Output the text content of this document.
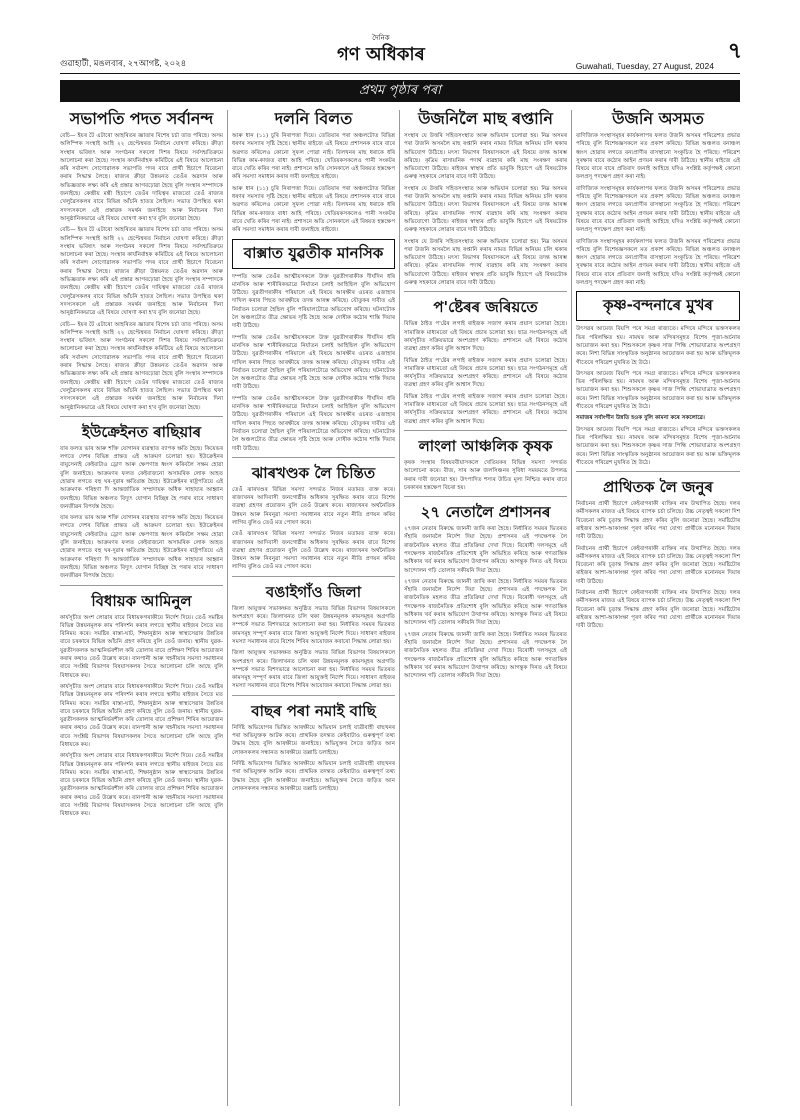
গুৱাহাটী, মঙলবাৰ, ২৭আগষ্ট, ২০২৪
দৈনিক
গণ অধিকাৰ
Guwahati, Tuesday, 27 August, 2024
৭
প্ৰথম পৃষ্ঠাৰ পৰা
সভাপতি পদত সৰ্বানন্দ
বেচি— ইয়ৰ টৈ এটাৰো আহৰিতৰ জ্ঞাতাৰ বিশেষ চৰ্চা তাত পৰিছে। অসম অলিম্পিক সংস্থাই আহি ২২ ছেপ্টেম্বৰত নিৰ্বাচন ঘোষণা কৰিছে। ক্ৰীড়া সংস্থাৰ ভবিষ্যৎ আৰু সংগঠনৰ সকলো দিশৰ বিষয়ে সৰ্বসন্মতিক্ৰমে আলোচনা কৰা হৈছে। সংস্থাৰ কাৰ্যনিৰ্বাহক কমিটিয়ে এই বিষয়ে আলোচনা কৰি সৰ্বানন্দ সোণোৱালক সভাপতি পদৰ বাবে প্ৰাৰ্থী হিচাপে বিবেচনা কৰাৰ সিদ্ধান্ত লৈছে। ৰাজ্যৰ ক্ৰীড়া উন্নয়নত তেওঁৰ অৱদান আৰু অভিজ্ঞতাক লক্ষ্য কৰি এই প্ৰস্তাৱ আগবঢ়োৱা হৈছে বুলি সংস্থাৰ সম্পাদকে জনাইছে। কেন্দ্ৰীয় মন্ত্ৰী হিচাপে তেওঁৰ দায়িত্বৰ মাজতো তেওঁ ৰাজ্যৰ খেলুৱৈসকলৰ বাবে বিভিন্ন আঁচনি হাতত লৈছিল। সভাত উপস্থিত থকা সদস্যসকলে এই প্ৰস্তাৱক সমৰ্থন জনাইছে আৰু নিৰ্বাচনৰ দিনা আনুষ্ঠানিকভাৱে এই বিষয়ে ঘোষণা কৰা হ'ব বুলি জনোৱা হৈছে।
বেচি— ইয়ৰ টৈ এটাৰো আহৰিতৰ জ্ঞাতাৰ বিশেষ চৰ্চা তাত পৰিছে। অসম অলিম্পিক সংস্থাই আহি ২২ ছেপ্টেম্বৰত নিৰ্বাচন ঘোষণা কৰিছে। ক্ৰীড়া সংস্থাৰ ভবিষ্যৎ আৰু সংগঠনৰ সকলো দিশৰ বিষয়ে সৰ্বসন্মতিক্ৰমে আলোচনা কৰা হৈছে। সংস্থাৰ কাৰ্যনিৰ্বাহক কমিটিয়ে এই বিষয়ে আলোচনা কৰি সৰ্বানন্দ সোণোৱালক সভাপতি পদৰ বাবে প্ৰাৰ্থী হিচাপে বিবেচনা কৰাৰ সিদ্ধান্ত লৈছে। ৰাজ্যৰ ক্ৰীড়া উন্নয়নত তেওঁৰ অৱদান আৰু অভিজ্ঞতাক লক্ষ্য কৰি এই প্ৰস্তাৱ আগবঢ়োৱা হৈছে বুলি সংস্থাৰ সম্পাদকে জনাইছে। কেন্দ্ৰীয় মন্ত্ৰী হিচাপে তেওঁৰ দায়িত্বৰ মাজতো তেওঁ ৰাজ্যৰ খেলুৱৈসকলৰ বাবে বিভিন্ন আঁচনি হাতত লৈছিল। সভাত উপস্থিত থকা সদস্যসকলে এই প্ৰস্তাৱক সমৰ্থন জনাইছে আৰু নিৰ্বাচনৰ দিনা আনুষ্ঠানিকভাৱে এই বিষয়ে ঘোষণা কৰা হ'ব বুলি জনোৱা হৈছে।
বেচি— ইয়ৰ টৈ এটাৰো আহৰিতৰ জ্ঞাতাৰ বিশেষ চৰ্চা তাত পৰিছে। অসম অলিম্পিক সংস্থাই আহি ২২ ছেপ্টেম্বৰত নিৰ্বাচন ঘোষণা কৰিছে। ক্ৰীড়া সংস্থাৰ ভবিষ্যৎ আৰু সংগঠনৰ সকলো দিশৰ বিষয়ে সৰ্বসন্মতিক্ৰমে আলোচনা কৰা হৈছে। সংস্থাৰ কাৰ্যনিৰ্বাহক কমিটিয়ে এই বিষয়ে আলোচনা কৰি সৰ্বানন্দ সোণোৱালক সভাপতি পদৰ বাবে প্ৰাৰ্থী হিচাপে বিবেচনা কৰাৰ সিদ্ধান্ত লৈছে। ৰাজ্যৰ ক্ৰীড়া উন্নয়নত তেওঁৰ অৱদান আৰু অভিজ্ঞতাক লক্ষ্য কৰি এই প্ৰস্তাৱ আগবঢ়োৱা হৈছে বুলি সংস্থাৰ সম্পাদকে জনাইছে। কেন্দ্ৰীয় মন্ত্ৰী হিচাপে তেওঁৰ দায়িত্বৰ মাজতো তেওঁ ৰাজ্যৰ খেলুৱৈসকলৰ বাবে বিভিন্ন আঁচনি হাতত লৈছিল। সভাত উপস্থিত থকা সদস্যসকলে এই প্ৰস্তাৱক সমৰ্থন জনাইছে আৰু নিৰ্বাচনৰ দিনা আনুষ্ঠানিকভাৱে এই বিষয়ে ঘোষণা কৰা হ'ব বুলি জনোৱা হৈছে।
ইউক্ৰেইনত ৰাছিয়াৰ
যাৰ ফলত ভাৰ আৰু শক্তি যোগানৰ ব্যৱস্থাত ব্যাপক ক্ষতি হৈছে। কিয়েভৰ লগতে দেশৰ বিভিন্ন প্ৰান্তত এই আক্ৰমণ চলোৱা হয়। ইউক্ৰেইনৰ বায়ুসেনাই কেইবাটাও ড্ৰোণ আৰু ক্ষেপণাস্ত্ৰ ধ্বংস কৰিবলৈ সক্ষম হোৱা বুলি জনাইছে। আক্ৰমণৰ ফলত কেইবাজনো অসামৰিক লোক আহত হোৱাৰ লগতে বহু ঘৰ-দুৱাৰ ক্ষতিগ্ৰস্ত হৈছে। ইউক্ৰেইনৰ ৰাষ্ট্ৰপতিয়ে এই আক্ৰমণক গৰিহণা দি আন্তৰ্জাতিক সম্প্ৰদায়ক অধিক সাহায্যৰ আহ্বান জনাইছে। বিভিন্ন অঞ্চলত বিদ্যুৎ যোগান বিচ্ছিন্ন হৈ পৰাৰ বাবে সাধাৰণ জনজীৱন বিপৰ্যস্ত হৈছে।
যাৰ ফলত ভাৰ আৰু শক্তি যোগানৰ ব্যৱস্থাত ব্যাপক ক্ষতি হৈছে। কিয়েভৰ লগতে দেশৰ বিভিন্ন প্ৰান্তত এই আক্ৰমণ চলোৱা হয়। ইউক্ৰেইনৰ বায়ুসেনাই কেইবাটাও ড্ৰোণ আৰু ক্ষেপণাস্ত্ৰ ধ্বংস কৰিবলৈ সক্ষম হোৱা বুলি জনাইছে। আক্ৰমণৰ ফলত কেইবাজনো অসামৰিক লোক আহত হোৱাৰ লগতে বহু ঘৰ-দুৱাৰ ক্ষতিগ্ৰস্ত হৈছে। ইউক্ৰেইনৰ ৰাষ্ট্ৰপতিয়ে এই আক্ৰমণক গৰিহণা দি আন্তৰ্জাতিক সম্প্ৰদায়ক অধিক সাহায্যৰ আহ্বান জনাইছে। বিভিন্ন অঞ্চলত বিদ্যুৎ যোগান বিচ্ছিন্ন হৈ পৰাৰ বাবে সাধাৰণ জনজীৱন বিপৰ্যস্ত হৈছে।
বিধায়ক আমিনুল
কাৰ্যসূচীত অংশ লোৱাৰ বাবে বিধায়কগৰাকীয়ে নিৰ্দেশ দিয়ে। তেওঁ সমষ্টিৰ বিভিন্ন উন্নয়নমূলক কাম পৰিদৰ্শন কৰাৰ লগতে স্থানীয় ৰাইজৰ সৈতে মত বিনিময় কৰে। সমষ্টিৰ ৰাস্তা-ঘাট, শিক্ষানুষ্ঠান আৰু স্বাস্থ্যসেৱাৰ উন্নতিৰ বাবে চৰকাৰে বিভিন্ন আঁচনি গ্ৰহণ কৰিছে বুলি তেওঁ জনায়। স্থানীয় যুৱক-যুৱতীসকলক আত্মনিৰ্ভৰশীল কৰি তোলাৰ বাবে প্ৰশিক্ষণ শিবিৰ আয়োজন কৰাৰ কথাও তেওঁ উল্লেখ কৰে। বানপানী আৰু খহনীয়াৰ সমস্যা সমাধানৰ বাবে সংশ্লিষ্ট বিভাগৰ বিষয়াসকলৰ সৈতে আলোচনা চলি আছে বুলি বিধায়কে কয়।
কাৰ্যসূচীত অংশ লোৱাৰ বাবে বিধায়কগৰাকীয়ে নিৰ্দেশ দিয়ে। তেওঁ সমষ্টিৰ বিভিন্ন উন্নয়নমূলক কাম পৰিদৰ্শন কৰাৰ লগতে স্থানীয় ৰাইজৰ সৈতে মত বিনিময় কৰে। সমষ্টিৰ ৰাস্তা-ঘাট, শিক্ষানুষ্ঠান আৰু স্বাস্থ্যসেৱাৰ উন্নতিৰ বাবে চৰকাৰে বিভিন্ন আঁচনি গ্ৰহণ কৰিছে বুলি তেওঁ জনায়। স্থানীয় যুৱক-যুৱতীসকলক আত্মনিৰ্ভৰশীল কৰি তোলাৰ বাবে প্ৰশিক্ষণ শিবিৰ আয়োজন কৰাৰ কথাও তেওঁ উল্লেখ কৰে। বানপানী আৰু খহনীয়াৰ সমস্যা সমাধানৰ বাবে সংশ্লিষ্ট বিভাগৰ বিষয়াসকলৰ সৈতে আলোচনা চলি আছে বুলি বিধায়কে কয়।
কাৰ্যসূচীত অংশ লোৱাৰ বাবে বিধায়কগৰাকীয়ে নিৰ্দেশ দিয়ে। তেওঁ সমষ্টিৰ বিভিন্ন উন্নয়নমূলক কাম পৰিদৰ্শন কৰাৰ লগতে স্থানীয় ৰাইজৰ সৈতে মত বিনিময় কৰে। সমষ্টিৰ ৰাস্তা-ঘাট, শিক্ষানুষ্ঠান আৰু স্বাস্থ্যসেৱাৰ উন্নতিৰ বাবে চৰকাৰে বিভিন্ন আঁচনি গ্ৰহণ কৰিছে বুলি তেওঁ জনায়। স্থানীয় যুৱক-যুৱতীসকলক আত্মনিৰ্ভৰশীল কৰি তোলাৰ বাবে প্ৰশিক্ষণ শিবিৰ আয়োজন কৰাৰ কথাও তেওঁ উল্লেখ কৰে। বানপানী আৰু খহনীয়াৰ সমস্যা সমাধানৰ বাবে সংশ্লিষ্ট বিভাগৰ বিষয়াসকলৰ সৈতে আলোচনা চলি আছে বুলি বিধায়কে কয়।
দলনি বিলত
আৰু ধান (১১) চুৰি নিৰাপত্তা দিয়ে। তেতিয়াৰ পৰা অঞ্চলটোত বিভিন্ন ধৰণৰ সমস্যাৰ সৃষ্টি হৈছে। স্থানীয় ৰাইজে এই বিষয়ে প্ৰশাসনক বাৰে বাৰে অৱগত কৰিলেও কোনো সুফল পোৱা নাই। বিলখনৰ মাছ ধৰাকে ধৰি বিভিন্ন কাম-কাজত বাধা আহি পৰিছে। খেতিয়কসকলেও পানী সংকটৰ বাবে খেতি কৰিব পৰা নাই। প্ৰশাসনে অতি সোনকালে এই বিষয়ত হস্তক্ষেপ কৰি সমস্যা সমাধান কৰাৰ দাবী জনাইছে ৰাইজে।
আৰু ধান (১১) চুৰি নিৰাপত্তা দিয়ে। তেতিয়াৰ পৰা অঞ্চলটোত বিভিন্ন ধৰণৰ সমস্যাৰ সৃষ্টি হৈছে। স্থানীয় ৰাইজে এই বিষয়ে প্ৰশাসনক বাৰে বাৰে অৱগত কৰিলেও কোনো সুফল পোৱা নাই। বিলখনৰ মাছ ধৰাকে ধৰি বিভিন্ন কাম-কাজত বাধা আহি পৰিছে। খেতিয়কসকলেও পানী সংকটৰ বাবে খেতি কৰিব পৰা নাই। প্ৰশাসনে অতি সোনকালে এই বিষয়ত হস্তক্ষেপ কৰি সমস্যা সমাধান কৰাৰ দাবী জনাইছে ৰাইজে।
বাক্সাত যুৱতীক মানসিক
দম্পতি আৰু তেওঁৰ আত্মীয়সকলে উক্ত যুৱতীগৰাকীক দীৰ্ঘদিন ধৰি মানসিক আৰু শাৰীৰিকভাৱে নিৰ্যাতন চলাই আহিছিল বুলি অভিযোগ উঠিছে। যুৱতীগৰাকীৰ পৰিয়ালে এই বিষয়ে আৰক্ষীৰ ওচৰত এজাহাৰ দাখিল কৰাৰ পিছত আৰক্ষীয়ে তদন্ত আৰম্ভ কৰিছে। যৌতুকৰ দাবীত এই নিৰ্যাতন চলোৱা হৈছিল বুলি পৰিয়ালটোৱে অভিযোগ কৰিছে। ঘটনাটোক লৈ অঞ্চলটোত তীব্ৰ ক্ষোভৰ সৃষ্টি হৈছে আৰু দোষীক কঠোৰ শাস্তি দিয়াৰ দাবী উঠিছে।
দম্পতি আৰু তেওঁৰ আত্মীয়সকলে উক্ত যুৱতীগৰাকীক দীৰ্ঘদিন ধৰি মানসিক আৰু শাৰীৰিকভাৱে নিৰ্যাতন চলাই আহিছিল বুলি অভিযোগ উঠিছে। যুৱতীগৰাকীৰ পৰিয়ালে এই বিষয়ে আৰক্ষীৰ ওচৰত এজাহাৰ দাখিল কৰাৰ পিছত আৰক্ষীয়ে তদন্ত আৰম্ভ কৰিছে। যৌতুকৰ দাবীত এই নিৰ্যাতন চলোৱা হৈছিল বুলি পৰিয়ালটোৱে অভিযোগ কৰিছে। ঘটনাটোক লৈ অঞ্চলটোত তীব্ৰ ক্ষোভৰ সৃষ্টি হৈছে আৰু দোষীক কঠোৰ শাস্তি দিয়াৰ দাবী উঠিছে।
দম্পতি আৰু তেওঁৰ আত্মীয়সকলে উক্ত যুৱতীগৰাকীক দীৰ্ঘদিন ধৰি মানসিক আৰু শাৰীৰিকভাৱে নিৰ্যাতন চলাই আহিছিল বুলি অভিযোগ উঠিছে। যুৱতীগৰাকীৰ পৰিয়ালে এই বিষয়ে আৰক্ষীৰ ওচৰত এজাহাৰ দাখিল কৰাৰ পিছত আৰক্ষীয়ে তদন্ত আৰম্ভ কৰিছে। যৌতুকৰ দাবীত এই নিৰ্যাতন চলোৱা হৈছিল বুলি পৰিয়ালটোৱে অভিযোগ কৰিছে। ঘটনাটোক লৈ অঞ্চলটোত তীব্ৰ ক্ষোভৰ সৃষ্টি হৈছে আৰু দোষীক কঠোৰ শাস্তি দিয়াৰ দাবী উঠিছে।
ঝাৰখণ্ডক লৈ চিন্তিত
তেওঁ ঝাৰখণ্ডৰ বিভিন্ন সমস্যা সন্দৰ্ভত নিজৰ মতামত ব্যক্ত কৰে। ৰাজ্যখনৰ আদিবাসী জনগোষ্ঠীৰ অধিকাৰ সুৰক্ষিত কৰাৰ বাবে বিশেষ ব্যৱস্থা গ্ৰহণৰ প্ৰয়োজন বুলি তেওঁ উল্লেখ কৰে। ৰাজ্যখনৰ অৰ্থনৈতিক উন্নয়ন আৰু নিবনুৱা সমস্যা সমাধানৰ বাবে নতুন নীতি প্ৰণয়ন কৰিব লাগিব বুলিও তেওঁ মত পোষণ কৰে।
তেওঁ ঝাৰখণ্ডৰ বিভিন্ন সমস্যা সন্দৰ্ভত নিজৰ মতামত ব্যক্ত কৰে। ৰাজ্যখনৰ আদিবাসী জনগোষ্ঠীৰ অধিকাৰ সুৰক্ষিত কৰাৰ বাবে বিশেষ ব্যৱস্থা গ্ৰহণৰ প্ৰয়োজন বুলি তেওঁ উল্লেখ কৰে। ৰাজ্যখনৰ অৰ্থনৈতিক উন্নয়ন আৰু নিবনুৱা সমস্যা সমাধানৰ বাবে নতুন নীতি প্ৰণয়ন কৰিব লাগিব বুলিও তেওঁ মত পোষণ কৰে।
বঙাইগাঁও জিলা
জিলা আয়ুক্তৰ সভাকক্ষত অনুষ্ঠিত সভাত বিভিন্ন বিভাগৰ বিষয়াসকলে অংশগ্ৰহণ কৰে। জিলাখনত চলি থকা উন্নয়নমূলক কামসমূহৰ অগ্ৰগতি সম্পৰ্কে সভাত বিশদভাৱে আলোচনা কৰা হয়। নিৰ্ধাৰিত সময়ৰ ভিতৰত কামসমূহ সম্পূৰ্ণ কৰাৰ বাবে জিলা আয়ুক্তই নিৰ্দেশ দিয়ে। সাধাৰণ ৰাইজৰ সমস্যা সমাধানৰ বাবে বিশেষ শিবিৰ আয়োজন কৰাৰো সিদ্ধান্ত লোৱা হয়।
জিলা আয়ুক্তৰ সভাকক্ষত অনুষ্ঠিত সভাত বিভিন্ন বিভাগৰ বিষয়াসকলে অংশগ্ৰহণ কৰে। জিলাখনত চলি থকা উন্নয়নমূলক কামসমূহৰ অগ্ৰগতি সম্পৰ্কে সভাত বিশদভাৱে আলোচনা কৰা হয়। নিৰ্ধাৰিত সময়ৰ ভিতৰত কামসমূহ সম্পূৰ্ণ কৰাৰ বাবে জিলা আয়ুক্তই নিৰ্দেশ দিয়ে। সাধাৰণ ৰাইজৰ সমস্যা সমাধানৰ বাবে বিশেষ শিবিৰ আয়োজন কৰাৰো সিদ্ধান্ত লোৱা হয়।
বাছৰ পৰা নমাই বাছি
নিৰ্দিষ্ট অভিযোগৰ ভিত্তিত আৰক্ষীয়ে অভিযান চলাই যাত্ৰীবাহী বাছখনৰ পৰা অভিযুক্তক আটক কৰে। প্ৰাথমিক তদন্তত কেইবাটাও গুৰুত্বপূৰ্ণ তথ্য উদ্ধাৰ হৈছে বুলি আৰক্ষীয়ে জনাইছে। অভিযুক্তৰ সৈতে জড়িত আন লোকসকলৰ সন্ধানত আৰক্ষীয়ে তল্লাচি চলাইছে।
নিৰ্দিষ্ট অভিযোগৰ ভিত্তিত আৰক্ষীয়ে অভিযান চলাই যাত্ৰীবাহী বাছখনৰ পৰা অভিযুক্তক আটক কৰে। প্ৰাথমিক তদন্তত কেইবাটাও গুৰুত্বপূৰ্ণ তথ্য উদ্ধাৰ হৈছে বুলি আৰক্ষীয়ে জনাইছে। অভিযুক্তৰ সৈতে জড়িত আন লোকসকলৰ সন্ধানত আৰক্ষীয়ে তল্লাচি চলাইছে।
উজনিলৈ মাছ ৰপ্তানি
সংস্থাৰ যে উত্তৰি সহিতসংস্থাত আৰু অভিযান চলোৱা হয়। নিম্ন অসমৰ পৰা উজনি অসমলৈ মাছ ৰপ্তানি কৰাৰ নামত বিভিন্ন অনিয়ম চলি থকাৰ অভিযোগ উঠিছে। মৎস্য বিভাগৰ বিষয়াসকলে এই বিষয়ে তদন্ত আৰম্ভ কৰিছে। কৃত্ৰিম ৰাসায়নিক পদাৰ্থ ব্যৱহাৰ কৰি মাছ সংৰক্ষণ কৰাৰ অভিযোগো উঠিছে। ৰাইজৰ স্বাস্থ্যৰ প্ৰতি ভাবুকি হিচাপে এই বিষয়টোক গুৰুত্ব সহকাৰে লোৱাৰ বাবে দাবী উঠিছে।
সংস্থাৰ যে উত্তৰি সহিতসংস্থাত আৰু অভিযান চলোৱা হয়। নিম্ন অসমৰ পৰা উজনি অসমলৈ মাছ ৰপ্তানি কৰাৰ নামত বিভিন্ন অনিয়ম চলি থকাৰ অভিযোগ উঠিছে। মৎস্য বিভাগৰ বিষয়াসকলে এই বিষয়ে তদন্ত আৰম্ভ কৰিছে। কৃত্ৰিম ৰাসায়নিক পদাৰ্থ ব্যৱহাৰ কৰি মাছ সংৰক্ষণ কৰাৰ অভিযোগো উঠিছে। ৰাইজৰ স্বাস্থ্যৰ প্ৰতি ভাবুকি হিচাপে এই বিষয়টোক গুৰুত্ব সহকাৰে লোৱাৰ বাবে দাবী উঠিছে।
সংস্থাৰ যে উত্তৰি সহিতসংস্থাত আৰু অভিযান চলোৱা হয়। নিম্ন অসমৰ পৰা উজনি অসমলৈ মাছ ৰপ্তানি কৰাৰ নামত বিভিন্ন অনিয়ম চলি থকাৰ অভিযোগ উঠিছে। মৎস্য বিভাগৰ বিষয়াসকলে এই বিষয়ে তদন্ত আৰম্ভ কৰিছে। কৃত্ৰিম ৰাসায়নিক পদাৰ্থ ব্যৱহাৰ কৰি মাছ সংৰক্ষণ কৰাৰ অভিযোগো উঠিছে। ৰাইজৰ স্বাস্থ্যৰ প্ৰতি ভাবুকি হিচাপে এই বিষয়টোক গুৰুত্ব সহকাৰে লোৱাৰ বাবে দাবী উঠিছে।
প'ষ্টেৰৰ জৰিয়তে
বিভিন্ন ঠাইত প'ষ্টেৰ লগাই ৰাইজক সজাগ কৰাৰ প্ৰয়াস চলোৱা হৈছে। সামাজিক মাধ্যমতো এই বিষয়ে প্ৰচাৰ চলোৱা হয়। ছাত্ৰ সংগঠনসমূহে এই কাৰ্যসূচীত সক্ৰিয়ভাৱে অংশগ্ৰহণ কৰিছে। প্ৰশাসনে এই বিষয়ে কঠোৰ ব্যৱস্থা গ্ৰহণ কৰিব বুলি আশ্বাস দিছে।
বিভিন্ন ঠাইত প'ষ্টেৰ লগাই ৰাইজক সজাগ কৰাৰ প্ৰয়াস চলোৱা হৈছে। সামাজিক মাধ্যমতো এই বিষয়ে প্ৰচাৰ চলোৱা হয়। ছাত্ৰ সংগঠনসমূহে এই কাৰ্যসূচীত সক্ৰিয়ভাৱে অংশগ্ৰহণ কৰিছে। প্ৰশাসনে এই বিষয়ে কঠোৰ ব্যৱস্থা গ্ৰহণ কৰিব বুলি আশ্বাস দিছে।
বিভিন্ন ঠাইত প'ষ্টেৰ লগাই ৰাইজক সজাগ কৰাৰ প্ৰয়াস চলোৱা হৈছে। সামাজিক মাধ্যমতো এই বিষয়ে প্ৰচাৰ চলোৱা হয়। ছাত্ৰ সংগঠনসমূহে এই কাৰ্যসূচীত সক্ৰিয়ভাৱে অংশগ্ৰহণ কৰিছে। প্ৰশাসনে এই বিষয়ে কঠোৰ ব্যৱস্থা গ্ৰহণ কৰিব বুলি আশ্বাস দিছে।
লাংলা আঞ্চলিক কৃষক
কৃষক সংস্থাৰ বিষয়ববীয়াসকলে খেতিয়কৰ বিভিন্ন সমস্যা সন্দৰ্ভত আলোচনা কৰে। বীজ, সাৰ আৰু জলসিঞ্চনৰ সুবিধা সময়মতে উপলব্ধ কৰাৰ দাবী জনোৱা হয়। উৎপাদিত শস্যৰ উচিত মূল্য নিশ্চিত কৰাৰ বাবে চৰকাৰৰ হস্তক্ষেপ বিচৰা হয়।
২৭ নেতালৈ প্ৰশাসনৰ
২৭জন নেতাৰ বিৰুদ্ধে জাননী জাৰি কৰা হৈছে। নিৰ্ধাৰিত সময়ৰ ভিতৰত সঁহাৰি জনাবলৈ নিৰ্দেশ দিয়া হৈছে। প্ৰশাসনৰ এই পদক্ষেপক লৈ ৰাজনৈতিক মহলত তীব্ৰ প্ৰতিক্ৰিয়া দেখা দিছে। বিৰোধী দলসমূহে এই পদক্ষেপক ৰাজনৈতিক প্ৰতিশোধ বুলি অভিহিত কৰিছে আৰু গণতান্ত্ৰিক অধিকাৰ খৰ্ব কৰাৰ অভিযোগ উত্থাপন কৰিছে। আগন্তুক দিনত এই বিষয়ে আন্দোলন গঢ়ি তোলাৰ সকীয়নি দিয়া হৈছে।
২৭জন নেতাৰ বিৰুদ্ধে জাননী জাৰি কৰা হৈছে। নিৰ্ধাৰিত সময়ৰ ভিতৰত সঁহাৰি জনাবলৈ নিৰ্দেশ দিয়া হৈছে। প্ৰশাসনৰ এই পদক্ষেপক লৈ ৰাজনৈতিক মহলত তীব্ৰ প্ৰতিক্ৰিয়া দেখা দিছে। বিৰোধী দলসমূহে এই পদক্ষেপক ৰাজনৈতিক প্ৰতিশোধ বুলি অভিহিত কৰিছে আৰু গণতান্ত্ৰিক অধিকাৰ খৰ্ব কৰাৰ অভিযোগ উত্থাপন কৰিছে। আগন্তুক দিনত এই বিষয়ে আন্দোলন গঢ়ি তোলাৰ সকীয়নি দিয়া হৈছে।
২৭জন নেতাৰ বিৰুদ্ধে জাননী জাৰি কৰা হৈছে। নিৰ্ধাৰিত সময়ৰ ভিতৰত সঁহাৰি জনাবলৈ নিৰ্দেশ দিয়া হৈছে। প্ৰশাসনৰ এই পদক্ষেপক লৈ ৰাজনৈতিক মহলত তীব্ৰ প্ৰতিক্ৰিয়া দেখা দিছে। বিৰোধী দলসমূহে এই পদক্ষেপক ৰাজনৈতিক প্ৰতিশোধ বুলি অভিহিত কৰিছে আৰু গণতান্ত্ৰিক অধিকাৰ খৰ্ব কৰাৰ অভিযোগ উত্থাপন কৰিছে। আগন্তুক দিনত এই বিষয়ে আন্দোলন গঢ়ি তোলাৰ সকীয়নি দিয়া হৈছে।
উজনি অসমত
বাণিজ্যিক সংস্থাসমূহৰ কাৰ্যকলাপৰ ফলত উজনি অসমৰ পৰিৱেশত প্ৰভাৱ পৰিছে বুলি বিশেষজ্ঞসকলে মত প্ৰকাশ কৰিছে। বিভিন্ন অঞ্চলত বনাঞ্চল ধ্বংস হোৱাৰ লগতে বন্যপ্ৰাণীৰ বাসস্থানো সংকুচিত হৈ পৰিছে। পৰিৱেশ সুৰক্ষাৰ বাবে কঠোৰ আইন প্ৰণয়ন কৰাৰ দাবী উঠিছে। স্থানীয় ৰাইজে এই বিষয়ে বাৰে বাৰে প্ৰতিবাদ জনাই আহিছে যদিও সংশ্লিষ্ট কৰ্তৃপক্ষই কোনো ফলপ্ৰসূ পদক্ষেপ গ্ৰহণ কৰা নাই।
বাণিজ্যিক সংস্থাসমূহৰ কাৰ্যকলাপৰ ফলত উজনি অসমৰ পৰিৱেশত প্ৰভাৱ পৰিছে বুলি বিশেষজ্ঞসকলে মত প্ৰকাশ কৰিছে। বিভিন্ন অঞ্চলত বনাঞ্চল ধ্বংস হোৱাৰ লগতে বন্যপ্ৰাণীৰ বাসস্থানো সংকুচিত হৈ পৰিছে। পৰিৱেশ সুৰক্ষাৰ বাবে কঠোৰ আইন প্ৰণয়ন কৰাৰ দাবী উঠিছে। স্থানীয় ৰাইজে এই বিষয়ে বাৰে বাৰে প্ৰতিবাদ জনাই আহিছে যদিও সংশ্লিষ্ট কৰ্তৃপক্ষই কোনো ফলপ্ৰসূ পদক্ষেপ গ্ৰহণ কৰা নাই।
বাণিজ্যিক সংস্থাসমূহৰ কাৰ্যকলাপৰ ফলত উজনি অসমৰ পৰিৱেশত প্ৰভাৱ পৰিছে বুলি বিশেষজ্ঞসকলে মত প্ৰকাশ কৰিছে। বিভিন্ন অঞ্চলত বনাঞ্চল ধ্বংস হোৱাৰ লগতে বন্যপ্ৰাণীৰ বাসস্থানো সংকুচিত হৈ পৰিছে। পৰিৱেশ সুৰক্ষাৰ বাবে কঠোৰ আইন প্ৰণয়ন কৰাৰ দাবী উঠিছে। স্থানীয় ৰাইজে এই বিষয়ে বাৰে বাৰে প্ৰতিবাদ জনাই আহিছে যদিও সংশ্লিষ্ট কৰ্তৃপক্ষই কোনো ফলপ্ৰসূ পদক্ষেপ গ্ৰহণ কৰা নাই।
কৃষ্ণ-বন্দনাৰে মুখৰ
উৎসৱৰ আমেজ বিয়পি পৰে সমগ্ৰ ৰাজ্যতে। মন্দিৰে মন্দিৰে ভক্তসকলৰ ভিৰ পৰিলক্ষিত হয়। নামঘৰ আৰু মন্দিৰসমূহত বিশেষ পূজা-অৰ্চনাৰ আয়োজন কৰা হয়। শিশুসকলে কৃষ্ণৰ সাজ পিন্ধি শোভাযাত্ৰাত অংশগ্ৰহণ কৰে। নিশা বিভিন্ন সাংস্কৃতিক অনুষ্ঠানৰ আয়োজন কৰা হয় আৰু ভক্তিমূলক গীতেৰে পৰিৱেশ মুখৰিত হৈ উঠে।
উৎসৱৰ আমেজ বিয়পি পৰে সমগ্ৰ ৰাজ্যতে। মন্দিৰে মন্দিৰে ভক্তসকলৰ ভিৰ পৰিলক্ষিত হয়। নামঘৰ আৰু মন্দিৰসমূহত বিশেষ পূজা-অৰ্চনাৰ আয়োজন কৰা হয়। শিশুসকলে কৃষ্ণৰ সাজ পিন্ধি শোভাযাত্ৰাত অংশগ্ৰহণ কৰে। নিশা বিভিন্ন সাংস্কৃতিক অনুষ্ঠানৰ আয়োজন কৰা হয় আৰু ভক্তিমূলক গীতেৰে পৰিৱেশ মুখৰিত হৈ উঠে।
সমাজৰ সৰ্বাংগীন উন্নতি হওক বুলি কামনা কৰে সকলোৱে।
উৎসৱৰ আমেজ বিয়পি পৰে সমগ্ৰ ৰাজ্যতে। মন্দিৰে মন্দিৰে ভক্তসকলৰ ভিৰ পৰিলক্ষিত হয়। নামঘৰ আৰু মন্দিৰসমূহত বিশেষ পূজা-অৰ্চনাৰ আয়োজন কৰা হয়। শিশুসকলে কৃষ্ণৰ সাজ পিন্ধি শোভাযাত্ৰাত অংশগ্ৰহণ কৰে। নিশা বিভিন্ন সাংস্কৃতিক অনুষ্ঠানৰ আয়োজন কৰা হয় আৰু ভক্তিমূলক গীতেৰে পৰিৱেশ মুখৰিত হৈ উঠে।
প্ৰাথিতক লৈ জনুৰ
নিৰ্বাচনৰ প্ৰাৰ্থী হিচাপে কেইবাগৰাকী ব্যক্তিৰ নাম উত্থাপিত হৈছে। দলৰ কৰ্মীসকলৰ মাজত এই বিষয়ে ব্যাপক চৰ্চা চলিছে। উচ্চ নেতৃত্বই সকলো দিশ বিবেচনা কৰি চূড়ান্ত সিদ্ধান্ত গ্ৰহণ কৰিব বুলি জনোৱা হৈছে। সমষ্টিটোৰ ৰাইজৰ আশা-আকাংক্ষা পূৰণ কৰিব পৰা যোগ্য প্ৰাৰ্থীকে মনোনয়ন দিয়াৰ দাবী উঠিছে।
নিৰ্বাচনৰ প্ৰাৰ্থী হিচাপে কেইবাগৰাকী ব্যক্তিৰ নাম উত্থাপিত হৈছে। দলৰ কৰ্মীসকলৰ মাজত এই বিষয়ে ব্যাপক চৰ্চা চলিছে। উচ্চ নেতৃত্বই সকলো দিশ বিবেচনা কৰি চূড়ান্ত সিদ্ধান্ত গ্ৰহণ কৰিব বুলি জনোৱা হৈছে। সমষ্টিটোৰ ৰাইজৰ আশা-আকাংক্ষা পূৰণ কৰিব পৰা যোগ্য প্ৰাৰ্থীকে মনোনয়ন দিয়াৰ দাবী উঠিছে।
নিৰ্বাচনৰ প্ৰাৰ্থী হিচাপে কেইবাগৰাকী ব্যক্তিৰ নাম উত্থাপিত হৈছে। দলৰ কৰ্মীসকলৰ মাজত এই বিষয়ে ব্যাপক চৰ্চা চলিছে। উচ্চ নেতৃত্বই সকলো দিশ বিবেচনা কৰি চূড়ান্ত সিদ্ধান্ত গ্ৰহণ কৰিব বুলি জনোৱা হৈছে। সমষ্টিটোৰ ৰাইজৰ আশা-আকাংক্ষা পূৰণ কৰিব পৰা যোগ্য প্ৰাৰ্থীকে মনোনয়ন দিয়াৰ দাবী উঠিছে।
